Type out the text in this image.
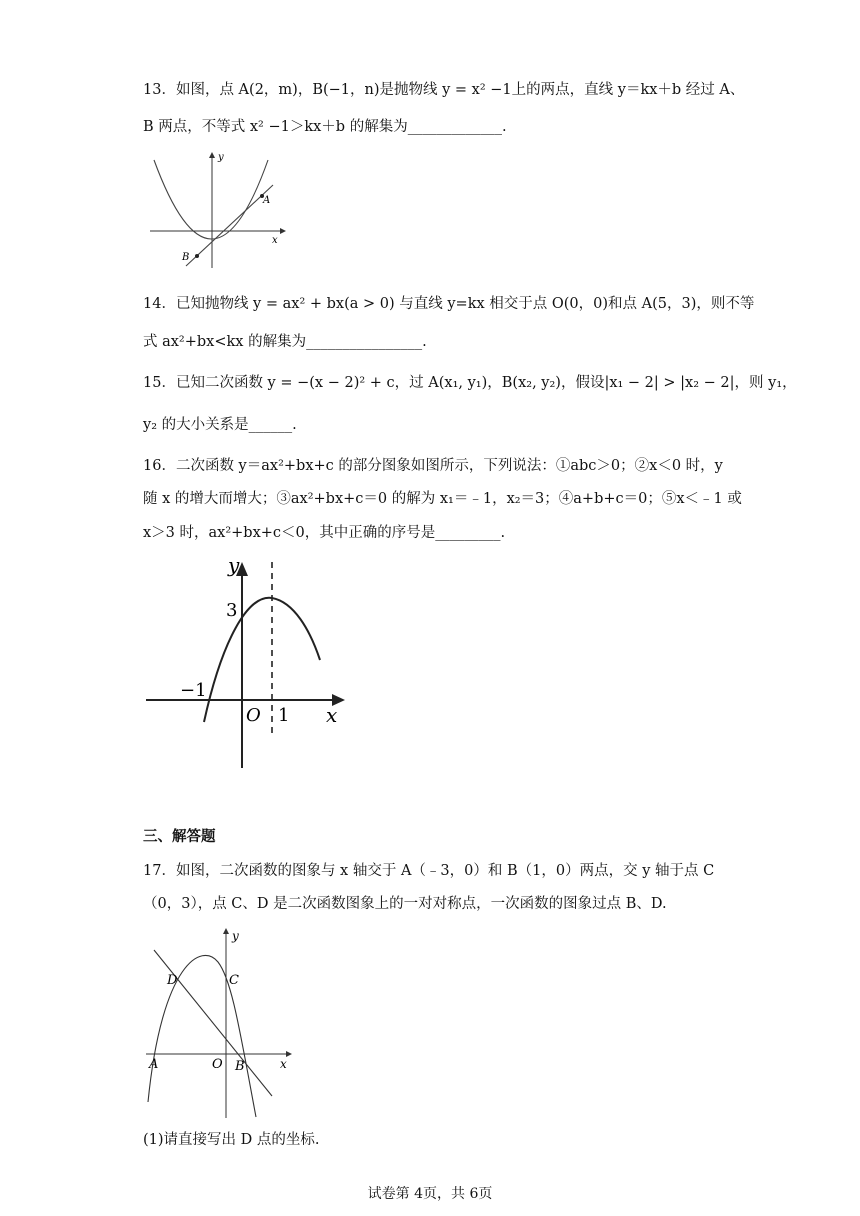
13．如图，点 A(2，m)，B(−1，n)是抛物线 y = x² −1上的两点，直线 y＝kx＋b 经过 A、
B 两点，不等式 x² −1＞kx＋b 的解集为_____________.
y
x
A
B
14．已知抛物线 y = ax² + bx(a > 0) 与直线 y=kx 相交于点 O(0，0)和点 A(5，3)，则不等
式 ax²+bx<kx 的解集为________________.
15．已知二次函数 y = −(x − 2)² + c，过 A(x₁, y₁)，B(x₂, y₂)，假设|x₁ − 2| > |x₂ − 2|，则 y₁，
y₂ 的大小关系是______.
16．二次函数 y＝ax²+bx+c 的部分图象如图所示，下列说法：①abc＞0；②x＜0 时，y
随 x 的增大而增大；③ax²+bx+c＝0 的解为 x₁＝﹣1，x₂＝3；④a+b+c＝0；⑤x＜﹣1 或
x＞3 时，ax²+bx+c＜0，其中正确的序号是_________.
y
x
3
−1
O 1
三、解答题
17．如图，二次函数的图象与 x 轴交于 A（﹣3，0）和 B（1，0）两点，交 y 轴于点 C
（0，3），点 C、D 是二次函数图象上的一对对称点，一次函数的图象过点 B、D.
y
x
D	C
A	O B
(1)请直接写出 D 点的坐标.
试卷第 4页，共 6页
